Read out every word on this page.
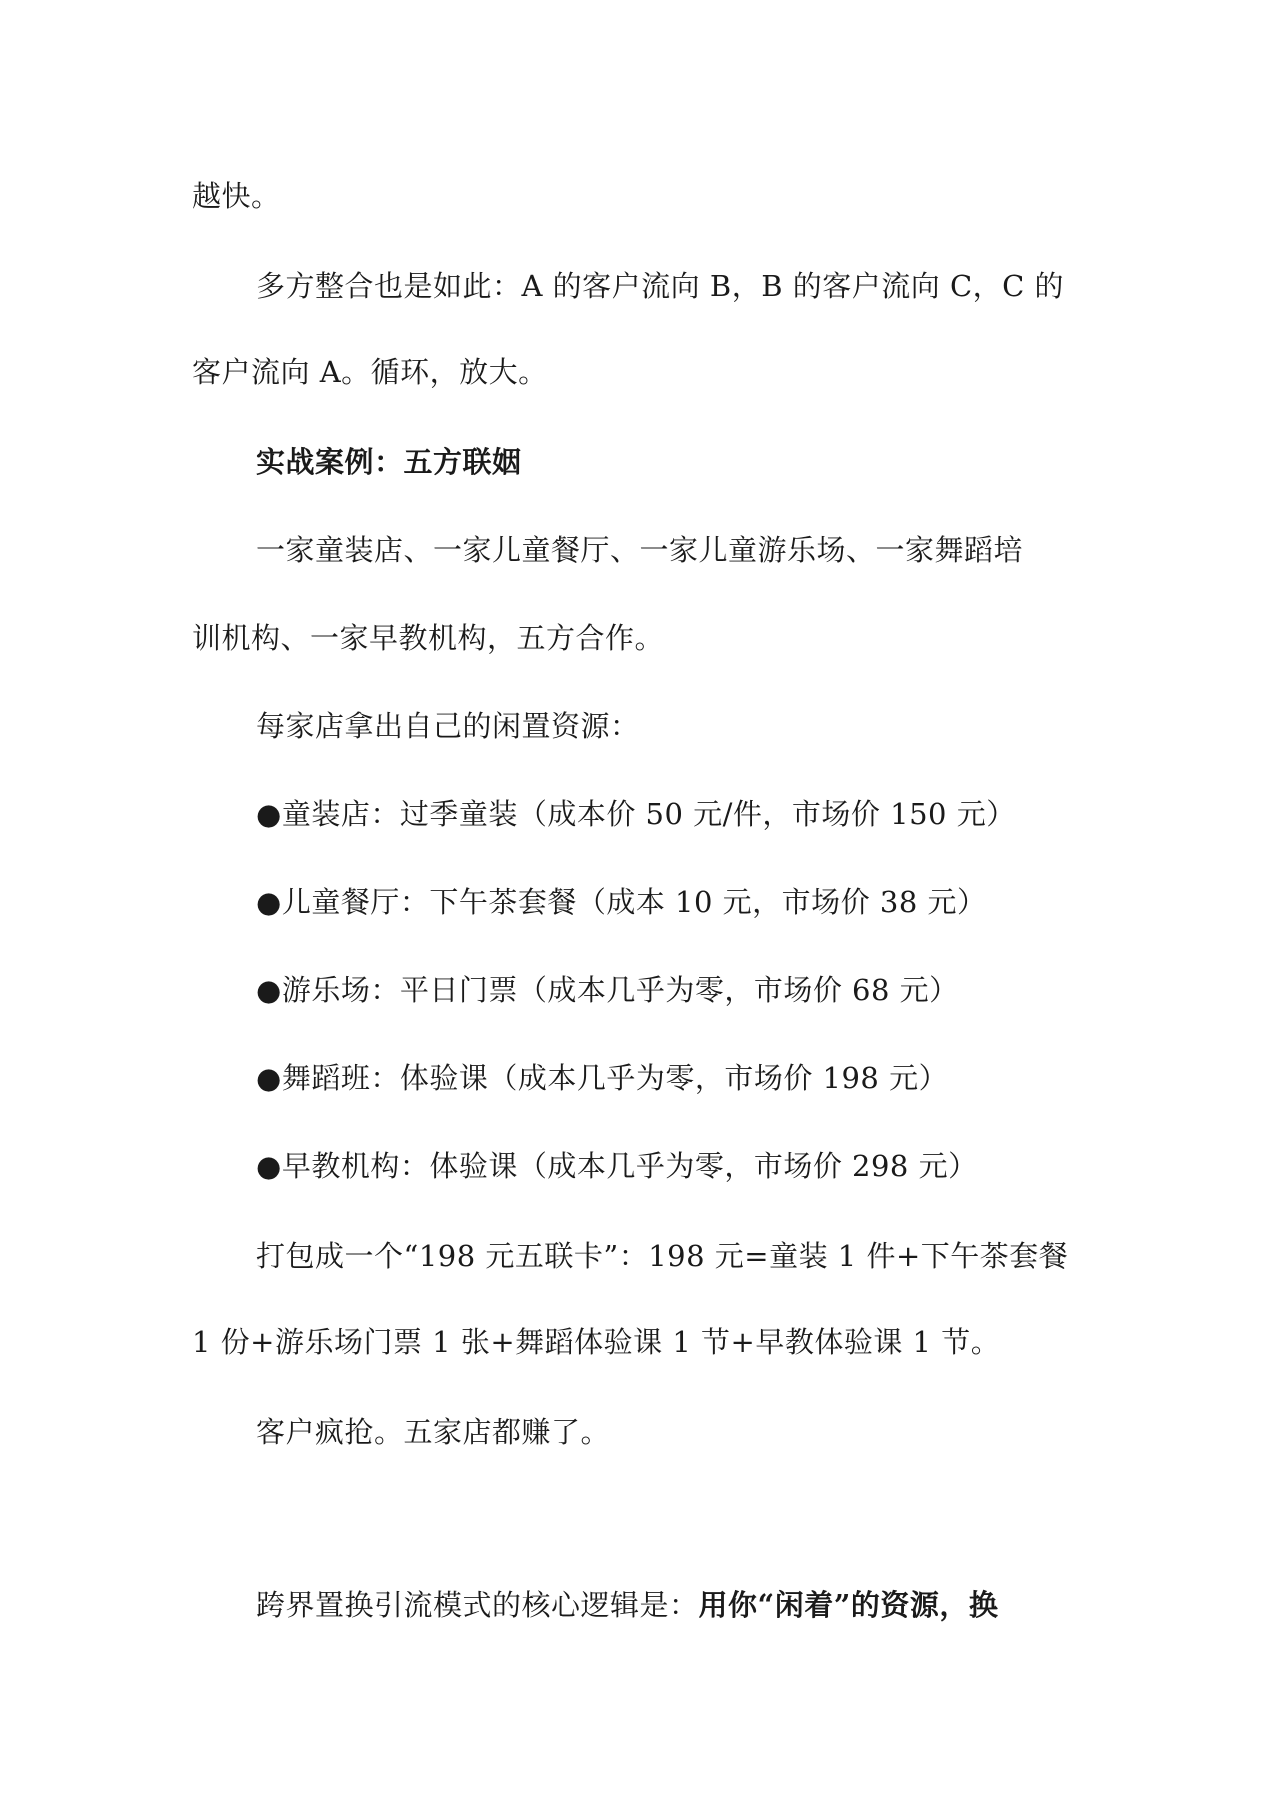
越快。
多方整合也是如此：A 的客户流向 B，B 的客户流向 C，C 的
客户流向 A。循环，放大。
实战案例：五方联姻
一家童装店、一家儿童餐厅、一家儿童游乐场、一家舞蹈培
训机构、一家早教机构，五方合作。
每家店拿出自己的闲置资源：
●童装店：过季童装（成本价 50 元/件，市场价 150 元）
●儿童餐厅：下午茶套餐（成本 10 元，市场价 38 元）
●游乐场：平日门票（成本几乎为零，市场价 68 元）
●舞蹈班：体验课（成本几乎为零，市场价 198 元）
●早教机构：体验课（成本几乎为零，市场价 298 元）
打包成一个“198 元五联卡”：198 元=童装 1 件+下午茶套餐
1 份+游乐场门票 1 张+舞蹈体验课 1 节+早教体验课 1 节。
客户疯抢。五家店都赚了。
跨界置换引流模式的核心逻辑是：用你“闲着”的资源，换
